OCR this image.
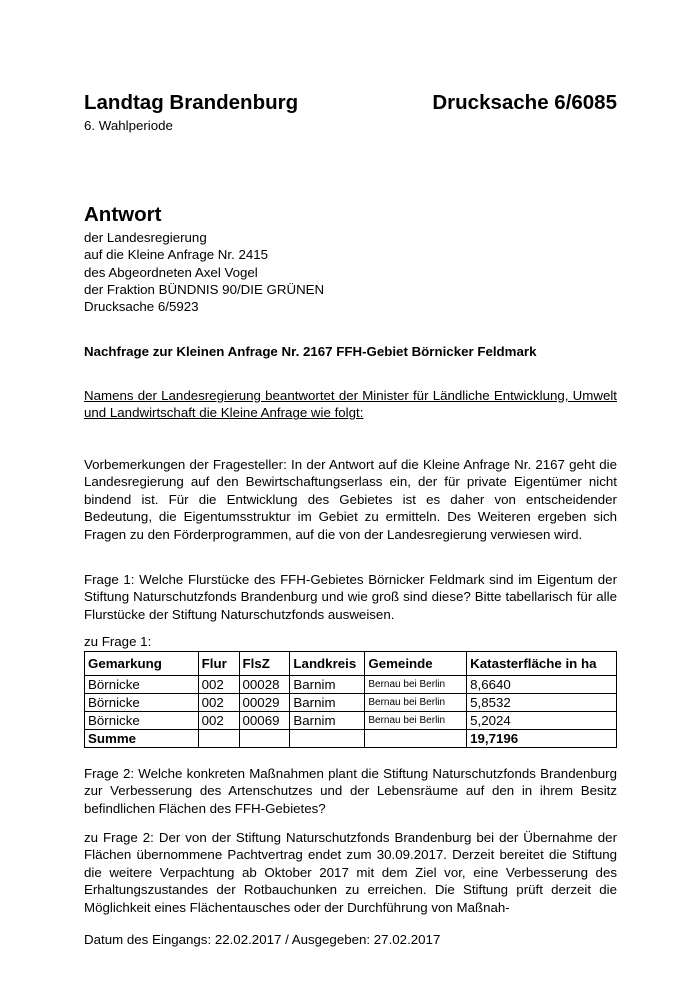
Landtag Brandenburg	Drucksache 6/6085
6. Wahlperiode
Antwort
der Landesregierung
auf die Kleine Anfrage Nr. 2415
des Abgeordneten Axel Vogel
der Fraktion BÜNDNIS 90/DIE GRÜNEN
Drucksache 6/5923
Nachfrage zur Kleinen Anfrage Nr. 2167 FFH-Gebiet Börnicker Feldmark
Namens der Landesregierung beantwortet der Minister für Ländliche Entwicklung, Umwelt und Landwirtschaft die Kleine Anfrage wie folgt:
Vorbemerkungen der Fragesteller: In der Antwort auf die Kleine Anfrage Nr. 2167 geht die Landesregierung auf den Bewirtschaftungserlass ein, der für private Eigentümer nicht bindend ist. Für die Entwicklung des Gebietes ist es daher von entscheidender Bedeutung, die Eigentumsstruktur im Gebiet zu ermitteln. Des Weiteren ergeben sich Fragen zu den Förderprogrammen, auf die von der Landesregierung verwiesen wird.
Frage 1: Welche Flurstücke des FFH-Gebietes Börnicker Feldmark sind im Eigentum der Stiftung Naturschutzfonds Brandenburg und wie groß sind diese? Bitte tabellarisch für alle Flurstücke der Stiftung Naturschutzfonds ausweisen.
zu Frage 1:
Gemarkung	Flur	FlsZ	Landkreis	Gemeinde	Katasterfläche in ha
Börnicke	002	00028	Barnim	Bernau bei Berlin	8,6640
Börnicke	002	00029	Barnim	Bernau bei Berlin	5,8532
Börnicke	002	00069	Barnim	Bernau bei Berlin	5,2024
Summe					19,7196
Frage 2: Welche konkreten Maßnahmen plant die Stiftung Naturschutzfonds Brandenburg zur Verbesserung des Artenschutzes und der Lebensräume auf den in ihrem Besitz befindlichen Flächen des FFH-Gebietes?
zu Frage 2: Der von der Stiftung Naturschutzfonds Brandenburg bei der Übernahme der Flächen übernommene Pachtvertrag endet zum 30.09.2017. Derzeit bereitet die Stiftung die weitere Verpachtung ab Oktober 2017 mit dem Ziel vor, eine Verbesserung des Erhaltungszustandes der Rotbauchunken zu erreichen. Die Stiftung prüft derzeit die Möglichkeit eines Flächentausches oder der Durchführung von Maßnah-
Datum des Eingangs: 22.02.2017 / Ausgegeben: 27.02.2017
